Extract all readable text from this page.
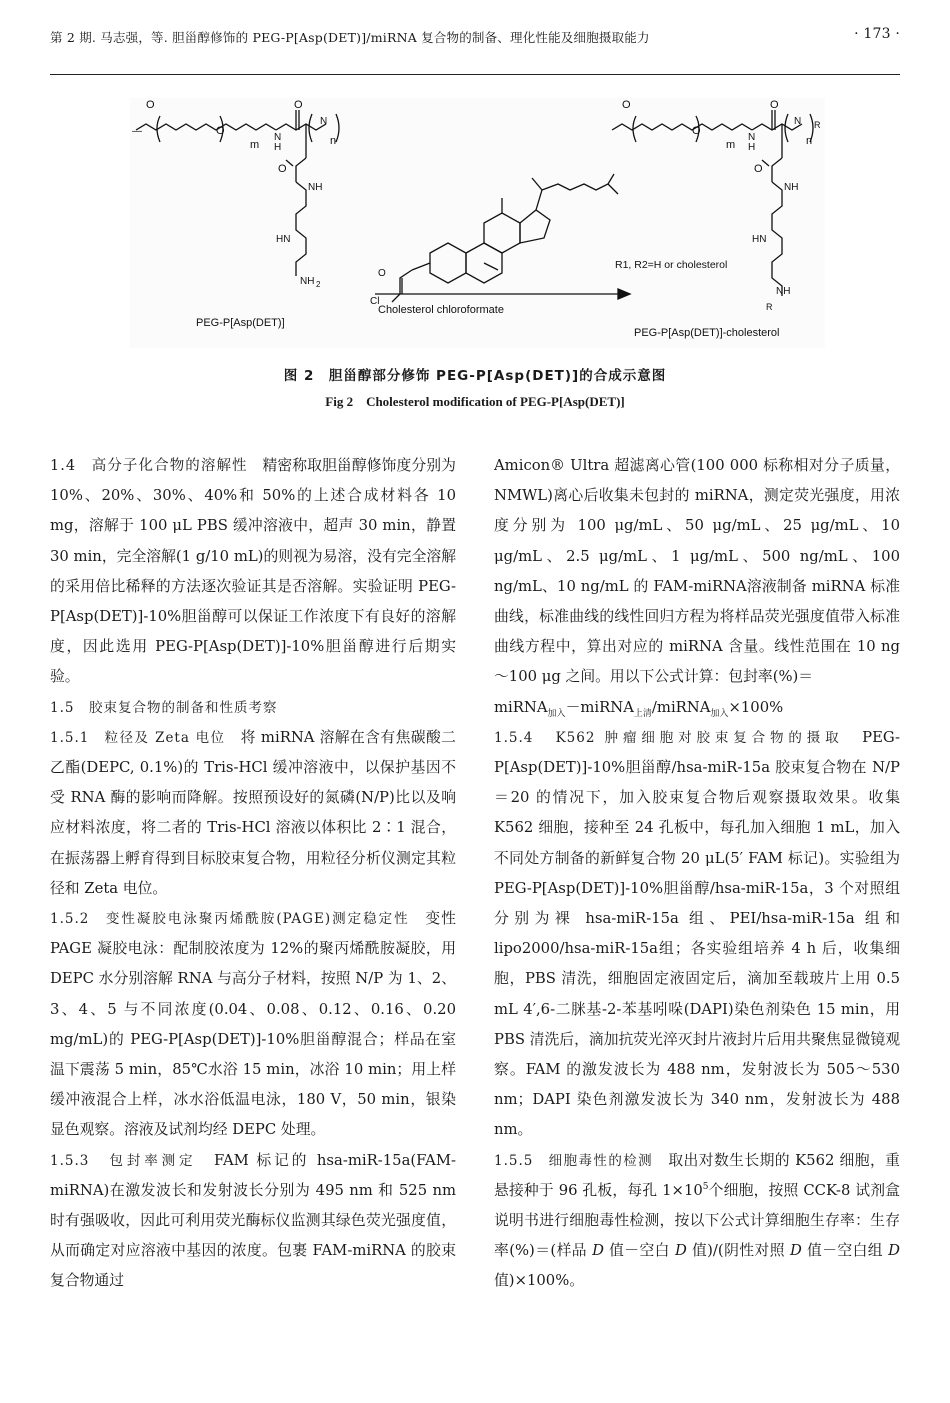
第 2 期. 马志强，等. 胆甾醇修饰的 PEG-P[Asp(DET)]/miRNA 复合物的制备、理化性能及细胞摄取能力	· 173 ·
O
—	O
m
N
H
O
N
n
O
NH
HN
NH 2
O
O
m
N
H
O
N
n
R
O
NH
HN
NH
R
O
Cl
Cholesterol chloroformate
R1, R2=H or cholesterol
PEG-P[Asp(DET)]
PEG-P[Asp(DET)]-cholesterol
图 2　胆甾醇部分修饰 PEG-P[Asp(DET)]的合成示意图
Fig 2　Cholesterol modification of PEG-P[Asp(DET)]

1.4　高分子化合物的溶解性　 精密称取胆甾醇修饰度分别为 10%、20%、30%、40%和 50%的上述合成材料各 10 mg，溶解于 100 μL PBS 缓冲溶液中，超声 30 min，静置 30 min，完全溶解(1 g/10 mL)的则视为易溶，没有完全溶解的采用倍比稀释的方法逐次验证其是否溶解。实验证明 PEG-P[Asp(DET)]-10%胆甾醇可以保证工作浓度下有良好的溶解度，因此选用 PEG-P[Asp(DET)]-10%胆甾醇进行后期实验。

1.5　胶束复合物的制备和性质考察

1.5.1　粒径及 Zeta 电位　 将 miRNA 溶解在含有焦碳酸二乙酯(DEPC, 0.1%)的 Tris-HCl 缓冲溶液中，以保护基因不受 RNA 酶的影响而降解。按照预设好的氮磷(N/P)比以及响应材料浓度，将二者的 Tris-HCl 溶液以体积比 2∶1 混合，在振荡器上孵育得到目标胶束复合物，用粒径分析仪测定其粒径和 Zeta 电位。

1.5.2　变性凝胶电泳聚丙烯酰胺(PAGE)测定稳定性　 变性 PAGE 凝胶电泳：配制胶浓度为 12%的聚丙烯酰胺凝胶，用 DEPC 水分别溶解 RNA 与高分子材料，按照 N/P 为 1、2、3、4、5 与不同浓度(0.04、0.08、0.12、0.16、0.20 mg/mL)的 PEG-P[Asp(DET)]-10%胆甾醇混合；样品在室温下震荡 5 min，85℃水浴 15 min，冰浴 10 min；用上样缓冲液混合上样，冰水浴低温电泳，180 V，50 min，银染显色观察。溶液及试剂均经 DEPC 处理。

1.5.3　包封率测定　 FAM 标记的 hsa-miR-15a(FAM-miRNA)在激发波长和发射波长分别为 495 nm 和 525 nm 时有强吸收，因此可利用荧光酶标仪监测其绿色荧光强度值，从而确定对应溶液中基因的浓度。包裹 FAM-miRNA 的胶束复合物通过

Amicon® Ultra 超滤离心管(100 000 标称相对分子质量，NMWL)离心后收集未包封的 miRNA，测定荧光强度，用浓度分别为 100 μg/mL、50 μg/mL、25 μg/mL、10 μg/mL、2.5 μg/mL、1 μg/mL、500 ng/mL、100 ng/mL、10 ng/mL 的 FAM-miRNA溶液制备 miRNA 标准曲线，标准曲线的线性回归方程为将样品荧光强度值带入标准曲线方程中，算出对应的 miRNA 含量。线性范围在 10 ng～100 μg 之间。用以下公式计算：包封率(%)＝

miRNA$_{加入}$－miRNA$_{上清}$/miRNA$_{加入}$×100%

1.5.4　K562 肿瘤细胞对胶束复合物的摄取　 PEG-P[Asp(DET)]-10%胆甾醇/hsa-miR-15a 胶束复合物在 N/P＝20 的情况下，加入胶束复合物后观察摄取效果。收集 K562 细胞，接种至 24 孔板中，每孔加入细胞 1 mL，加入不同处方制备的新鲜复合物 20 μL(5′ FAM 标记)。实验组为 PEG-P[Asp(DET)]-10%胆甾醇/hsa-miR-15a，3 个对照组分别为裸 hsa-miR-15a 组、PEI/hsa-miR-15a 组和 lipo2000/hsa-miR-15a组；各实验组培养 4 h 后，收集细胞，PBS 清洗，细胞固定液固定后，滴加至载玻片上用 0.5 mL 4′,6-二脒基-2-苯基吲哚(DAPI)染色剂染色 15 min，用 PBS 清洗后，滴加抗荧光淬灭封片液封片后用共聚焦显微镜观察。FAM 的激发波长为 488 nm，发射波长为 505～530 nm；DAPI 染色剂激发波长为 340 nm，发射波长为 488 nm。

1.5.5　细胞毒性的检测　 取出对数生长期的 K562 细胞，重悬接种于 96 孔板，每孔 $1\times 10^5$个细胞，按照 CCK-8 试剂盒说明书进行细胞毒性检测，按以下公式计算细胞生存率：生存率(%)＝(样品 D 值－空白 D 值)/(阴性对照 D 值－空白组 D 值)×100%。
